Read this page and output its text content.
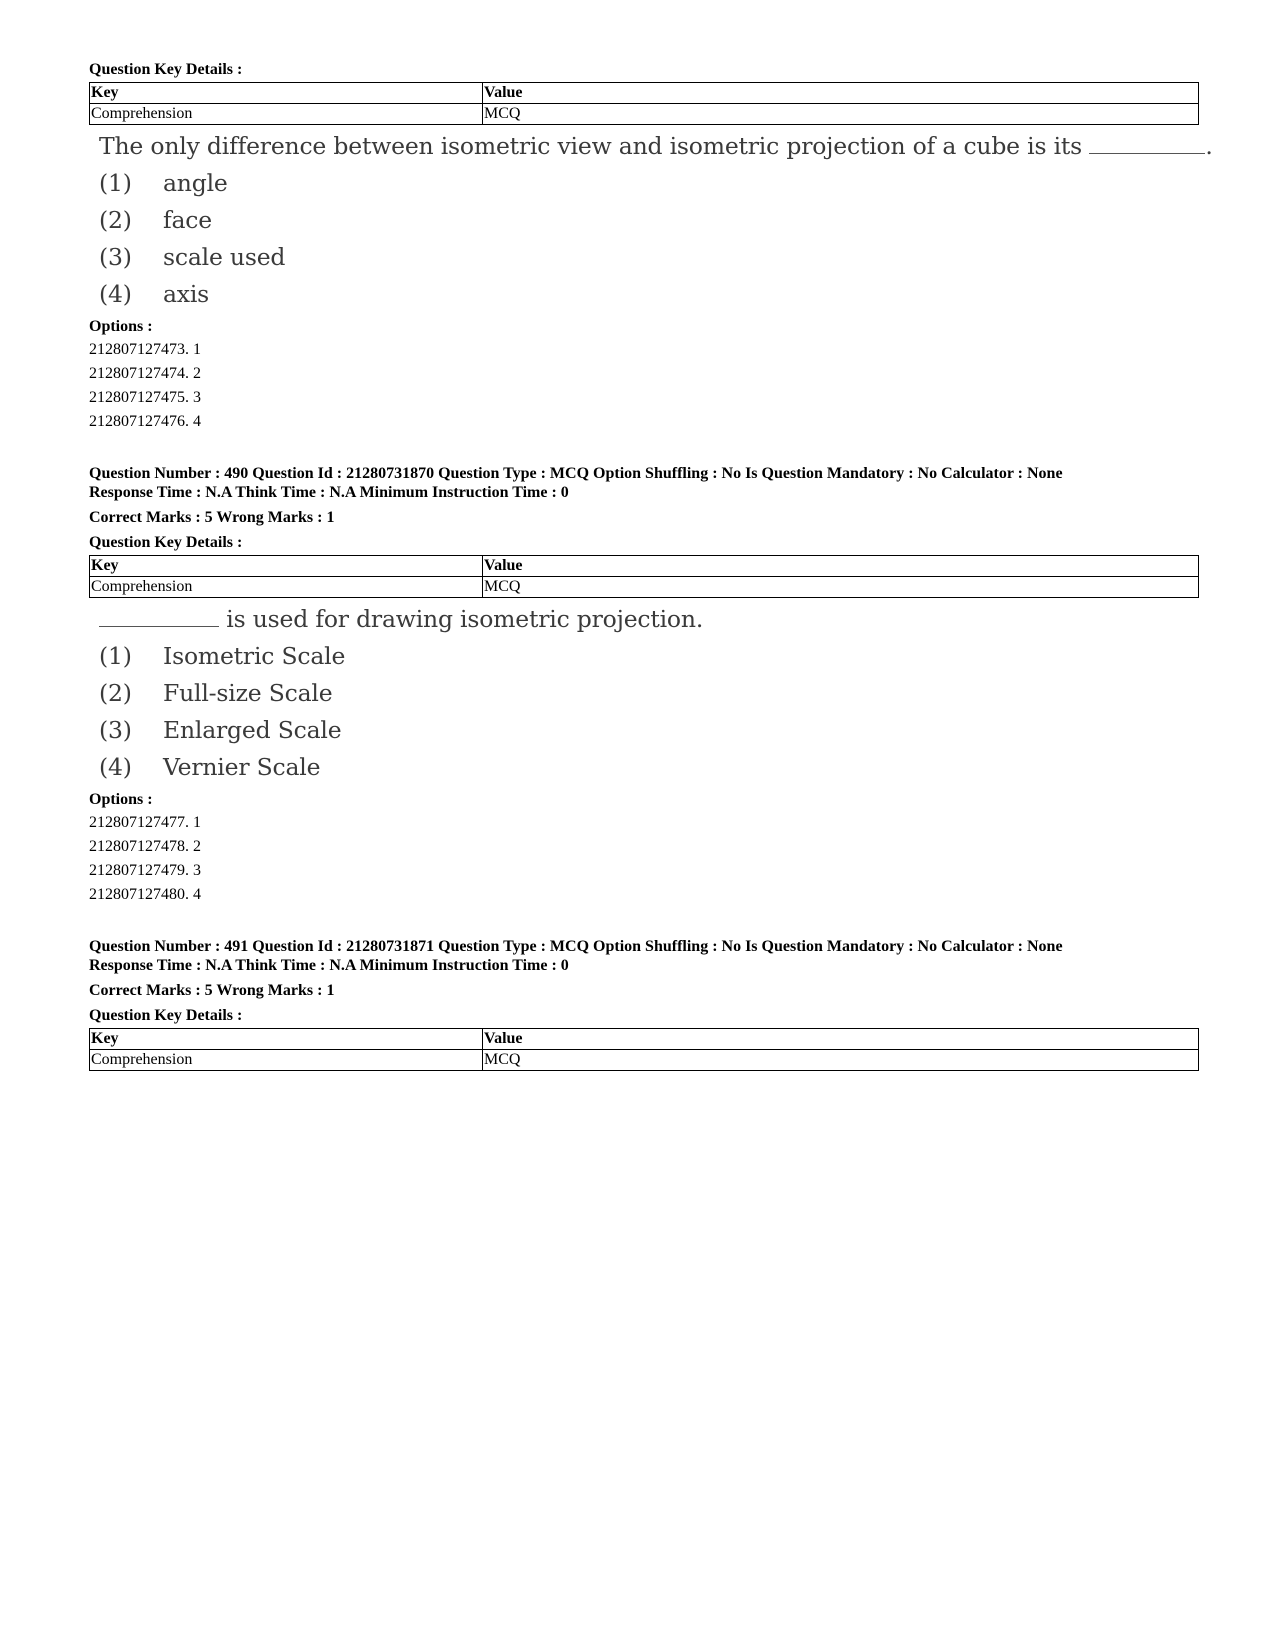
Question Key Details :
Key	Value
Comprehension	MCQ
The only difference between isometric view and isometric projection of a cube is its	.
(1) angle
(2) face
(3) scale used
(4) axis
Options :
212807127473. 1
212807127474. 2
212807127475. 3
212807127476. 4
Question Number : 490 Question Id : 21280731870 Question Type : MCQ Option Shuffling : No Is Question Mandatory : No Calculator : None
Response Time : N.A Think Time : N.A Minimum Instruction Time : 0
Correct Marks : 5 Wrong Marks : 1
Question Key Details :
Key	Value
Comprehension	MCQ
is used for drawing isometric projection.
(1) Isometric Scale
(2) Full-size Scale
(3) Enlarged Scale
(4) Vernier Scale
Options :
212807127477. 1
212807127478. 2
212807127479. 3
212807127480. 4
Question Number : 491 Question Id : 21280731871 Question Type : MCQ Option Shuffling : No Is Question Mandatory : No Calculator : None
Response Time : N.A Think Time : N.A Minimum Instruction Time : 0
Correct Marks : 5 Wrong Marks : 1
Question Key Details :
Key	Value
Comprehension	MCQ
